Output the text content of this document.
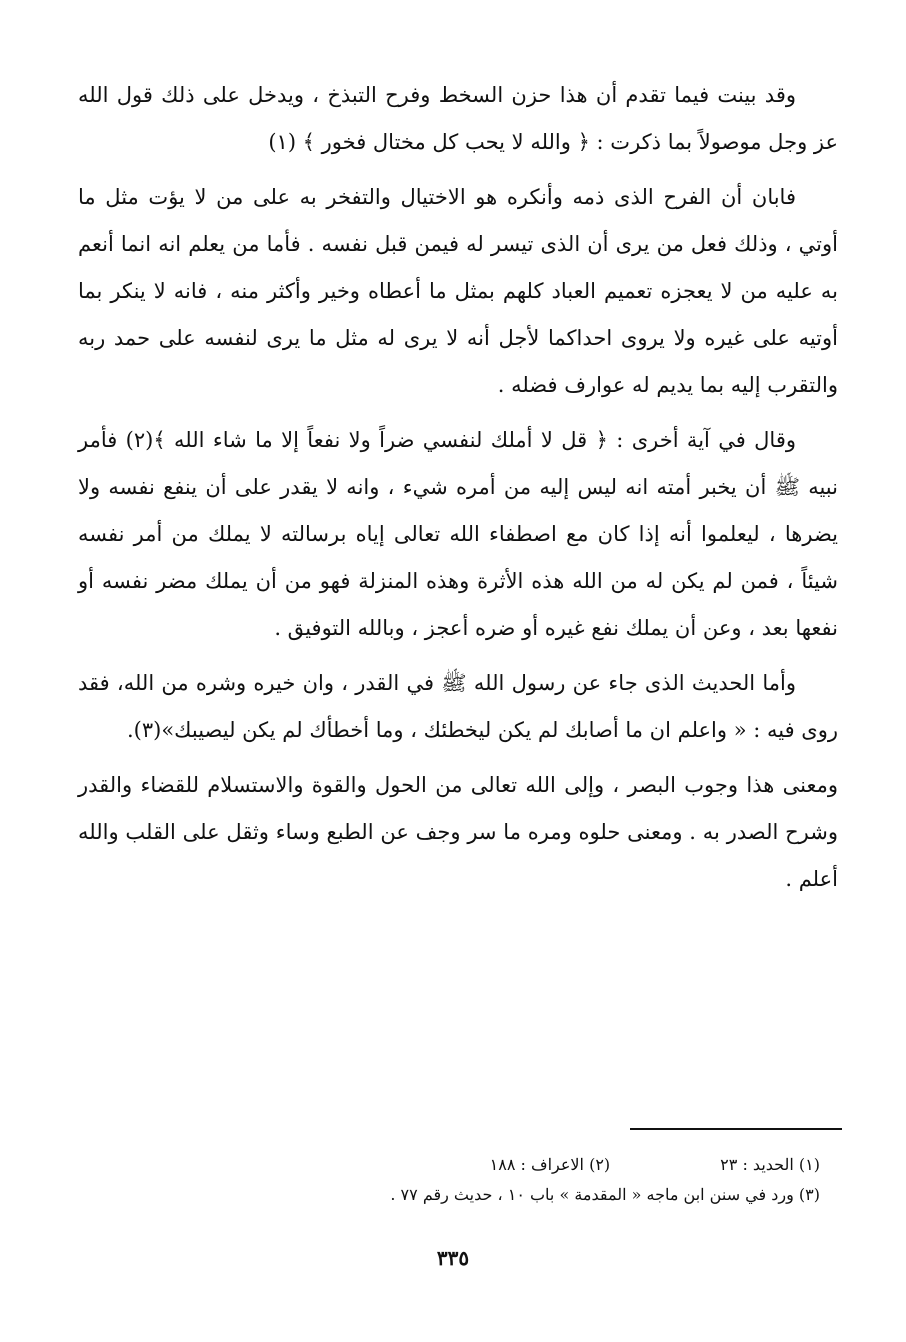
وقد بينت فيما تقدم أن هذا حزن السخط وفرح التبذخ ، ويدخل على ذلك قول الله عز وجل موصولاً بما ذكرت : ﴿ والله لا يحب كل مختال فخور ﴾ (١)

فابان أن الفرح الذى ذمه وأنكره هو الاختيال والتفخر به على من لا يؤت مثل ما أوتي ، وذلك فعل من يرى أن الذى تيسر له فيمن قبل نفسه . فأما من يعلم انه انما أنعم به عليه من لا يعجزه تعميم العباد كلهم بمثل ما أعطاه وخير وأكثر منه ، فانه لا ينكر بما أوتيه على غيره ولا يروى احداكما لأجل أنه لا يرى له مثل ما يرى لنفسه على حمد ربه والتقرب إليه بما يديم له عوارف فضله .

وقال في آية أخرى : ﴿ قل لا أملك لنفسي ضراً ولا نفعاً إلا ما شاء الله ﴾(٢) فأمر نبيه ﷺ أن يخبر أمته انه ليس إليه من أمره شيء ، وانه لا يقدر على أن ينفع نفسه ولا يضرها ، ليعلموا أنه إذا كان مع اصطفاء الله تعالى إياه برسالته لا يملك من أمر نفسه شيئاً ، فمن لم يكن له من الله هذه الأثرة وهذه المنزلة فهو من أن يملك مضر نفسه أو نفعها بعد ، وعن أن يملك نفع غيره أو ضره أعجز ، وبالله التوفيق .

وأما الحديث الذى جاء عن رسول الله ﷺ في القدر ، وان خيره وشره من الله، فقد روى فيه : « واعلم ان ما أصابك لم يكن ليخطئك ، وما أخطأك لم يكن ليصيبك»(٣).

ومعنى هذا وجوب البصر ، وإلى الله تعالى من الحول والقوة والاستسلام للقضاء والقدر وشرح الصدر به . ومعنى حلوه ومره ما سر وجف عن الطبع وساء وثقل على القلب والله أعلم .

(١) الحديد : ٢٣
(٢) الاعراف : ١٨٨
(٣) ورد في سنن ابن ماجه « المقدمة » باب ١٠ ، حديث رقم ٧٧ .
٣٣٥
